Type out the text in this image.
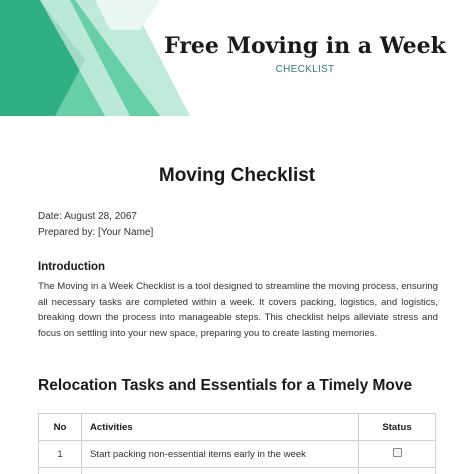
Free Moving in a Week
CHECKLIST
Moving Checklist
Date: August 28, 2067
Prepared by: [Your Name]
Introduction
The Moving in a Week Checklist is a tool designed to streamline the moving process, ensuring all necessary tasks are completed within a week. It covers packing, logistics, and logistics, breaking down the process into manageable steps. This checklist helps alleviate stress and focus on settling into your new space, preparing you to create lasting memories.
Relocation Tasks and Essentials for a Timely Move
No	Activities	Status
1	Start packing non-essential items early in the week	
